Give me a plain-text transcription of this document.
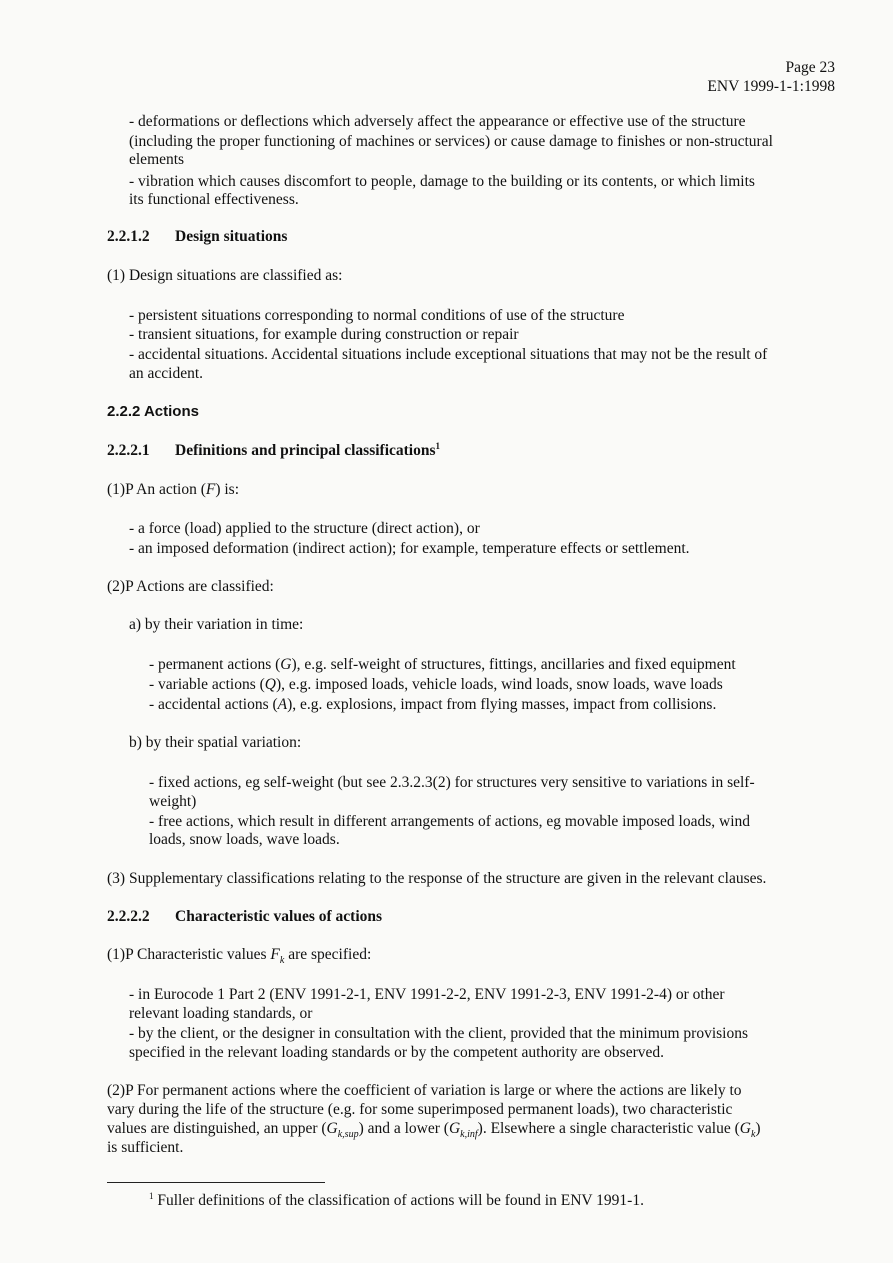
Page 23
ENV 1999-1-1:1998
- deformations or deflections which adversely affect the appearance or effective use of the structure
(including the proper functioning of machines or services) or cause damage to finishes or non-structural
elements
- vibration which causes discomfort to people, damage to the building or its contents, or which limits
its functional effectiveness.
2.2.1.2 Design situations
(1) Design situations are classified as:
- persistent situations corresponding to normal conditions of use of the structure
- transient situations, for example during construction or repair
- accidental situations. Accidental situations include exceptional situations that may not be the result of
an accident.
2.2.2 Actions
2.2.2.1 Definitions and principal classifications$^1$
(1)P An action (F) is:
- a force (load) applied to the structure (direct action), or
- an imposed deformation (indirect action); for example, temperature effects or settlement.
(2)P Actions are classified:
a) by their variation in time:
- permanent actions (G), e.g. self-weight of structures, fittings, ancillaries and fixed equipment
- variable actions (Q), e.g. imposed loads, vehicle loads, wind loads, snow loads, wave loads
- accidental actions (A), e.g. explosions, impact from flying masses, impact from collisions.
b) by their spatial variation:
- fixed actions, eg self-weight (but see 2.3.2.3(2) for structures very sensitive to variations in self-
weight)
- free actions, which result in different arrangements of actions, eg movable imposed loads, wind
loads, snow loads, wave loads.
(3) Supplementary classifications relating to the response of the structure are given in the relevant clauses.
2.2.2.2 Characteristic values of actions
(1)P Characteristic values $F_k$ are specified:
- in Eurocode 1 Part 2 (ENV 1991-2-1, ENV 1991-2-2, ENV 1991-2-3, ENV 1991-2-4) or other
relevant loading standards, or
- by the client, or the designer in consultation with the client, provided that the minimum provisions
specified in the relevant loading standards or by the competent authority are observed.
(2)P For permanent actions where the coefficient of variation is large or where the actions are likely to
vary during the life of the structure (e.g. for some superimposed permanent loads), two characteristic
values are distinguished, an upper $(G_{k,sup})$ and a lower $(G_{k,inf})$. Elsewhere a single characteristic value $(G_k)$
is sufficient.
$^1$ Fuller definitions of the classification of actions will be found in ENV 1991-1.
